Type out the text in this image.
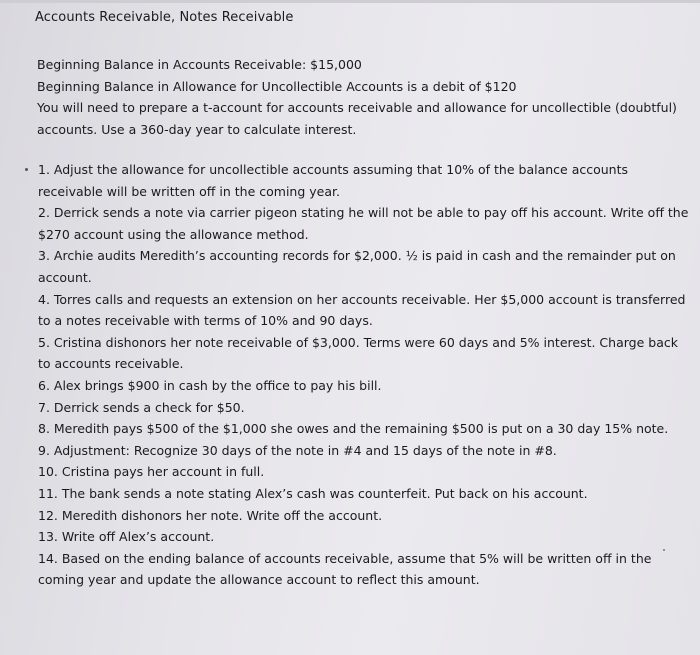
Accounts Receivable, Notes Receivable

Beginning Balance in Accounts Receivable: $15,000

Beginning Balance in Allowance for Uncollectible Accounts is a debit of $120

You will need to prepare a t-account for accounts receivable and allowance for uncollectible (doubtful) accounts. Use a 360-day year to calculate interest.

1. Adjust the allowance for uncollectible accounts assuming that 10% of the balance accounts receivable will be written off in the coming year.
2. Derrick sends a note via carrier pigeon stating he will not be able to pay off his account. Write off the $270 account using the allowance method.
3. Archie audits Meredith’s accounting records for $2,000. ½ is paid in cash and the remainder put on account.
4. Torres calls and requests an extension on her accounts receivable. Her $5,000 account is transferred to a notes receivable with terms of 10% and 90 days.
5. Cristina dishonors her note receivable of $3,000. Terms were 60 days and 5% interest. Charge back to accounts receivable.
6. Alex brings $900 in cash by the office to pay his bill.
7. Derrick sends a check for $50.
8. Meredith pays $500 of the $1,000 she owes and the remaining $500 is put on a 30 day 15% note.
9. Adjustment: Recognize 30 days of the note in #4 and 15 days of the note in #8.
10. Cristina pays her account in full.
11. The bank sends a note stating Alex’s cash was counterfeit. Put back on his account.
12. Meredith dishonors her note. Write off the account.
13. Write off Alex’s account.
14. Based on the ending balance of accounts receivable, assume that 5% will be written off in the coming year and update the allowance account to reflect this amount.
